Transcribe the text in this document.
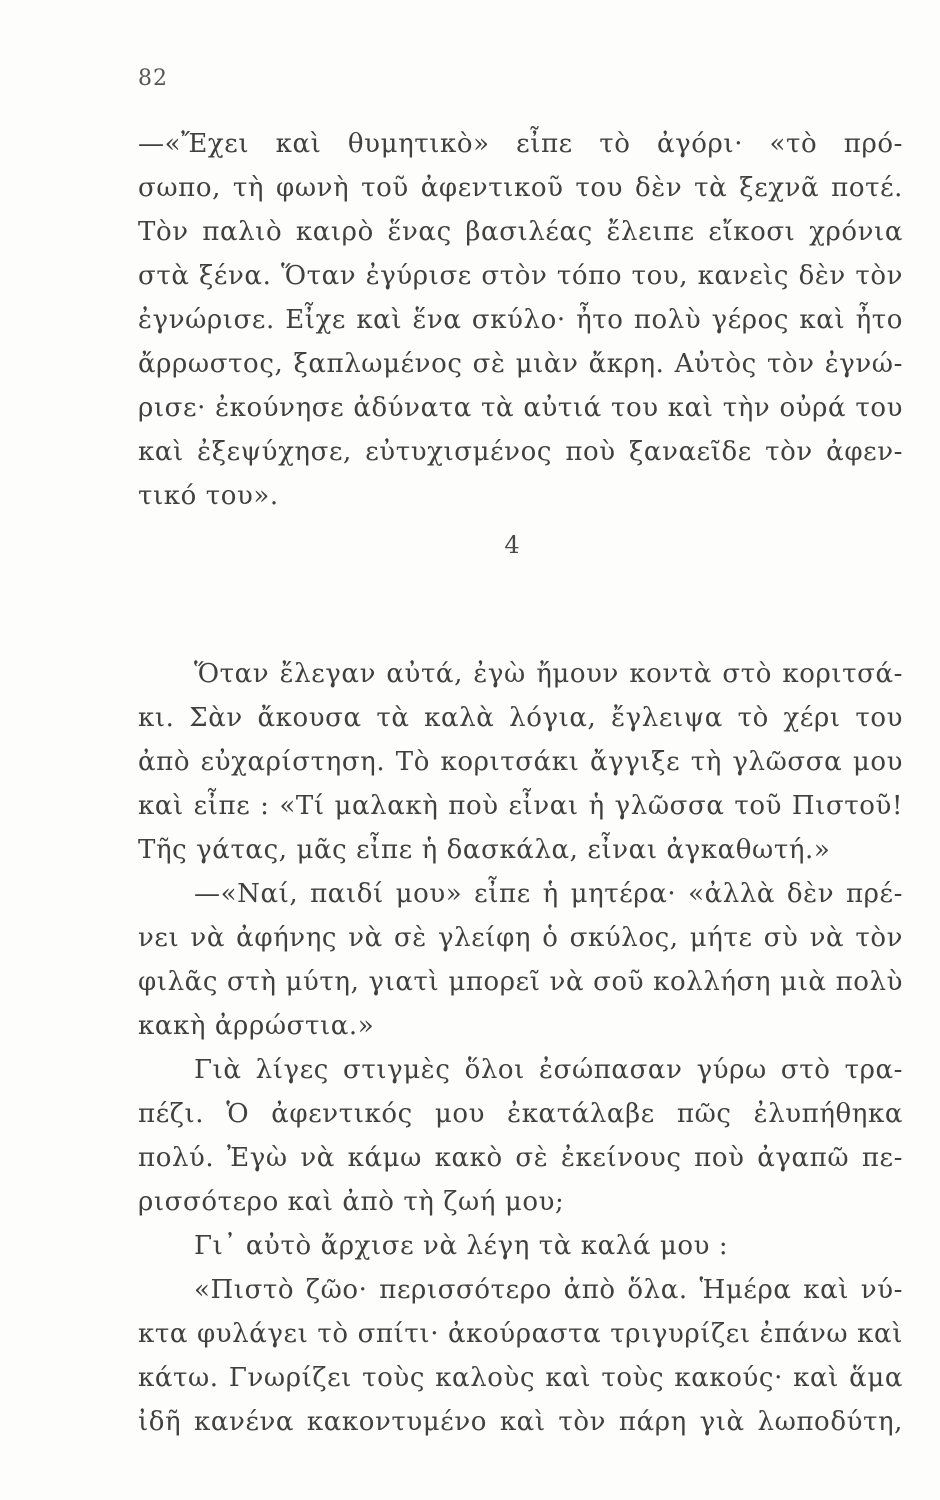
82
—«Ἔχει καὶ θυμητικὸ» εἶπε τὸ ἀγόρι· «τὸ πρό-
σωπο, τὴ φωνὴ τοῦ ἀφεντικοῦ του δὲν τὰ ξεχνᾶ ποτέ.
Τὸν παλιὸ καιρὸ ἕνας βασιλέας ἔλειπε εἴκοσι χρόνια
στὰ ξένα. Ὅταν ἐγύρισε στὸν τόπο του, κανεὶς δὲν τὸν
ἐγνώρισε. Εἶχε καὶ ἕνα σκύλο· ἦτο πολὺ γέρος καὶ ἦτο
ἄρρωστος, ξαπλωμένος σὲ μιὰν ἄκρη. Αὐτὸς τὸν ἐγνώ-
ρισε· ἐκούνησε ἀδύνατα τὰ αὐτιά του καὶ τὴν οὐρά του
καὶ ἐξεψύχησε, εὐτυχισμένος ποὺ ξαναεῖδε τὸν ἀφεν-
τικό του».
4
Ὅταν ἔλεγαν αὐτά, ἐγὼ ἤμουν κοντὰ στὸ κοριτσά-
κι. Σὰν ἄκουσα τὰ καλὰ λόγια, ἔγλειψα τὸ χέρι του
ἀπὸ εὐχαρίστηση. Τὸ κοριτσάκι ἄγγιξε τὴ γλῶσσα μου
καὶ εἶπε : «Τί μαλακὴ ποὺ εἶναι ἡ γλῶσσα τοῦ Πιστοῦ!
Τῆς γάτας, μᾶς εἶπε ἡ δασκάλα, εἶναι ἀγκαθωτή.»
—«Ναί, παιδί μου» εἶπε ἡ μητέρα· «ἀλλὰ δὲν πρέ-
νει νὰ ἀφήνης νὰ σὲ γλείφη ὁ σκύλος, μήτε σὺ νὰ τὸν
φιλᾶς στὴ μύτη, γιατὶ μπορεῖ νὰ σοῦ κολλήση μιὰ πολὺ
κακὴ ἀρρώστια.»
Γιὰ λίγες στιγμὲς ὅλοι ἐσώπασαν γύρω στὸ τρα-
πέζι. Ὁ ἀφεντικός μου ἐκατάλαβε πῶς ἐλυπήθηκα
πολύ. Ἐγὼ νὰ κάμω κακὸ σὲ ἐκείνους ποὺ ἀγαπῶ πε-
ρισσότερο καὶ ἀπὸ τὴ ζωή μου;
Γι᾽ αὐτὸ ἄρχισε νὰ λέγη τὰ καλά μου :
«Πιστὸ ζῶο· περισσότερο ἀπὸ ὅλα. Ἡμέρα καὶ νύ-
κτα φυλάγει τὸ σπίτι· ἀκούραστα τριγυρίζει ἐπάνω καὶ
κάτω. Γνωρίζει τοὺς καλοὺς καὶ τοὺς κακούς· καὶ ἅμα
ἰδῆ κανένα κακοντυμένο καὶ τὸν πάρη γιὰ λωποδύτη,
